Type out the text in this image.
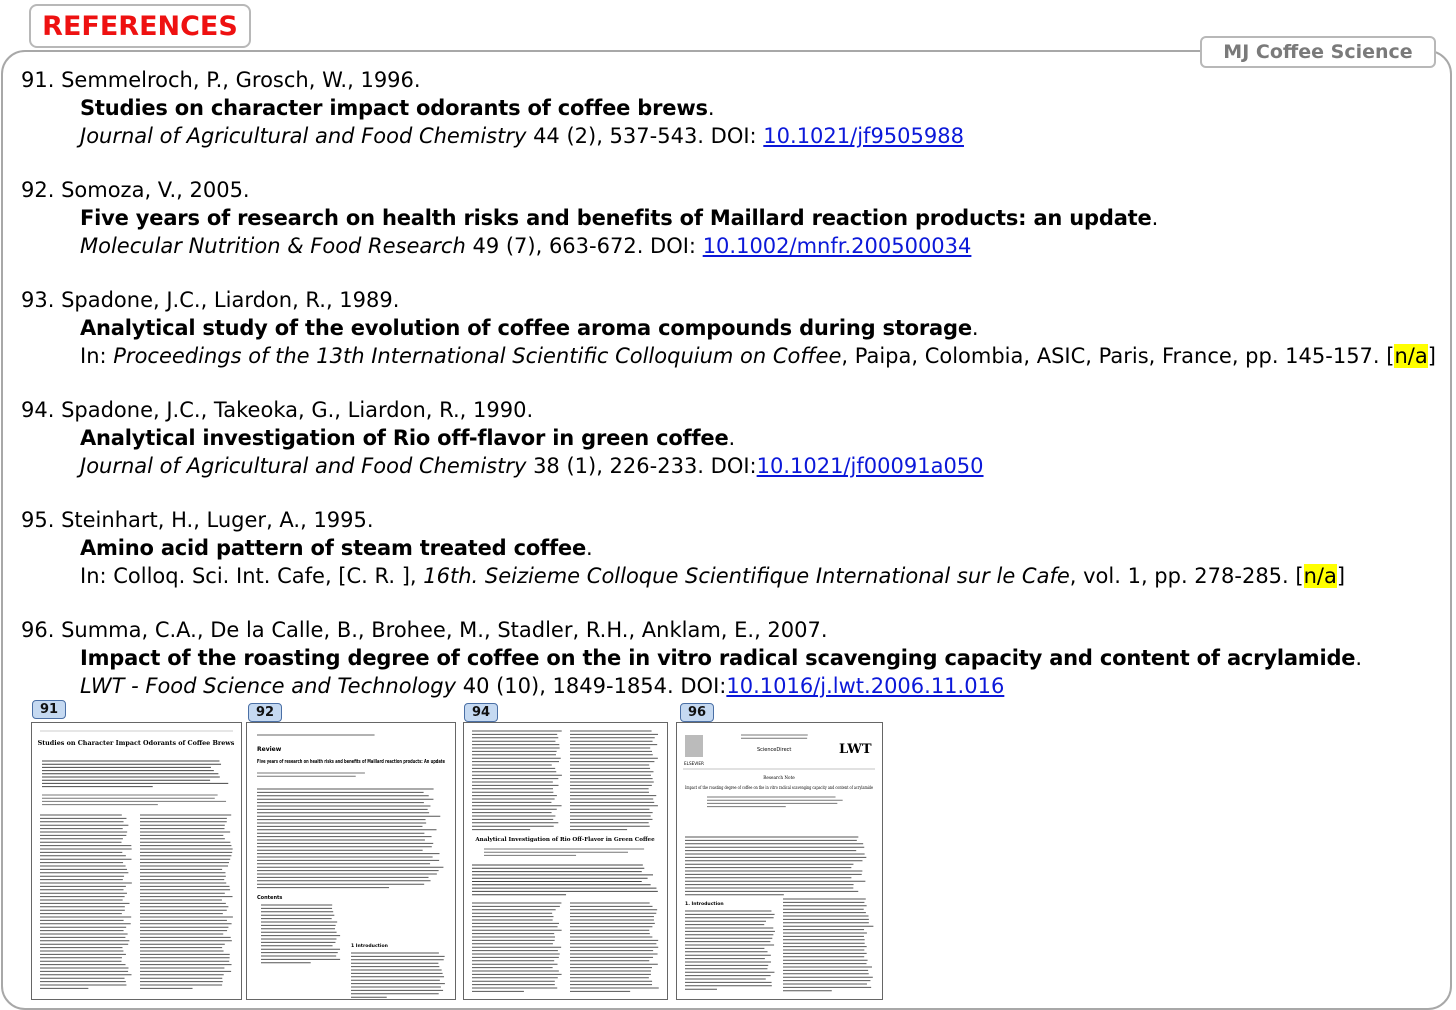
REFERENCES
MJ Coffee Science
91. Semmelroch, P., Grosch, W., 1996.
Studies on character impact odorants of coffee brews.
Journal of Agricultural and Food Chemistry 44 (2), 537-543. DOI: 10.1021/jf9505988
92. Somoza, V., 2005.
Five years of research on health risks and benefits of Maillard reaction products: an update.
Molecular Nutrition & Food Research 49 (7), 663-672. DOI: 10.1002/mnfr.200500034
93. Spadone, J.C., Liardon, R., 1989.
Analytical study of the evolution of coffee aroma compounds during storage.
In: Proceedings of the 13th International Scientific Colloquium on Coffee, Paipa, Colombia, ASIC, Paris, France, pp. 145-157. [n/a]
94. Spadone, J.C., Takeoka, G., Liardon, R., 1990.
Analytical investigation of Rio off-flavor in green coffee.
Journal of Agricultural and Food Chemistry 38 (1), 226-233. DOI:10.1021/jf00091a050
95. Steinhart, H., Luger, A., 1995.
Amino acid pattern of steam treated coffee.
In: Colloq. Sci. Int. Cafe, [C. R. ], 16th. Seizieme Colloque Scientifique International sur le Cafe, vol. 1, pp. 278-285. [n/a]
96. Summa, C.A., De la Calle, B., Brohee, M., Stadler, R.H., Anklam, E., 2007.
Impact of the roasting degree of coffee on the in vitro radical scavenging capacity and content of acrylamide.
LWT - Food Science and Technology 40 (10), 1849-1854. DOI:10.1016/j.lwt.2006.11.016
91
Studies on Character Impact Odorants of Coffee Brews
92
Review
Five years of research on health risks and benefits of Maillard reaction products: An update
Contents
1 Introduction
94
Analytical Investigation of Rio Off-Flavor in Green Coffee
96
ELSEVIER
ScienceDirect	LWT
Research Note
Impact of the roasting degree of coffee on the in vitro radical scavenging capacity and content of acrylamide
1. Introduction
